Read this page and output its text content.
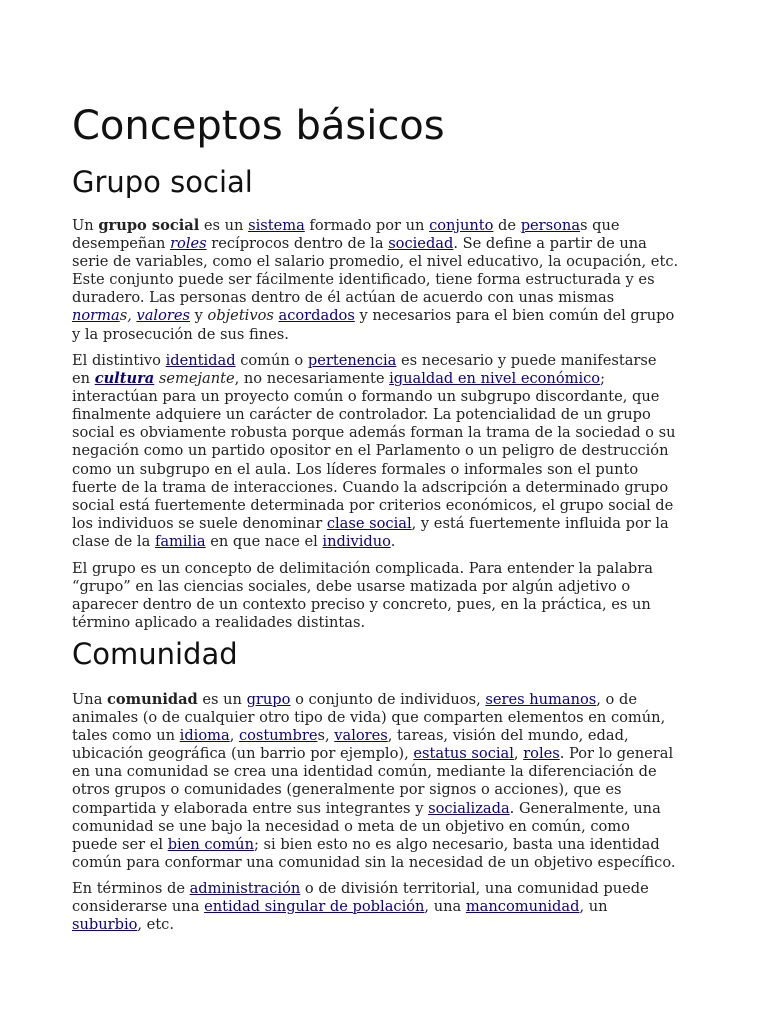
Conceptos básicos
Grupo social
Un grupo social es un sistema formado por un conjunto de personas que
desempeñan roles recíprocos dentro de la sociedad. Se define a partir de una
serie de variables, como el salario promedio, el nivel educativo, la ocupación, etc.
Este conjunto puede ser fácilmente identificado, tiene forma estructurada y es
duradero. Las personas dentro de él actúan de acuerdo con unas mismas
normas, valores y objetivos acordados y necesarios para el bien común del grupo
y la prosecución de sus fines.
El distintivo identidad común o pertenencia es necesario y puede manifestarse
en cultura semejante, no necesariamente igualdad en nivel económico;
interactúan para un proyecto común o formando un subgrupo discordante, que
finalmente adquiere un carácter de controlador. La potencialidad de un grupo
social es obviamente robusta porque además forman la trama de la sociedad o su
negación como un partido opositor en el Parlamento o un peligro de destrucción
como un subgrupo en el aula. Los líderes formales o informales son el punto
fuerte de la trama de interacciones. Cuando la adscripción a determinado grupo
social está fuertemente determinada por criterios económicos, el grupo social de
los individuos se suele denominar clase social, y está fuertemente influida por la
clase de la familia en que nace el individuo.
El grupo es un concepto de delimitación complicada. Para entender la palabra
“grupo” en las ciencias sociales, debe usarse matizada por algún adjetivo o
aparecer dentro de un contexto preciso y concreto, pues, en la práctica, es un
término aplicado a realidades distintas.
Comunidad
Una comunidad es un grupo o conjunto de individuos, seres humanos, o de
animales (o de cualquier otro tipo de vida) que comparten elementos en común,
tales como un idioma, costumbres, valores, tareas, visión del mundo, edad,
ubicación geográfica (un barrio por ejemplo), estatus social, roles. Por lo general
en una comunidad se crea una identidad común, mediante la diferenciación de
otros grupos o comunidades (generalmente por signos o acciones), que es
compartida y elaborada entre sus integrantes y socializada. Generalmente, una
comunidad se une bajo la necesidad o meta de un objetivo en común, como
puede ser el bien común; si bien esto no es algo necesario, basta una identidad
común para conformar una comunidad sin la necesidad de un objetivo específico.
En términos de administración o de división territorial, una comunidad puede
considerarse una entidad singular de población, una mancomunidad, un
suburbio, etc.
